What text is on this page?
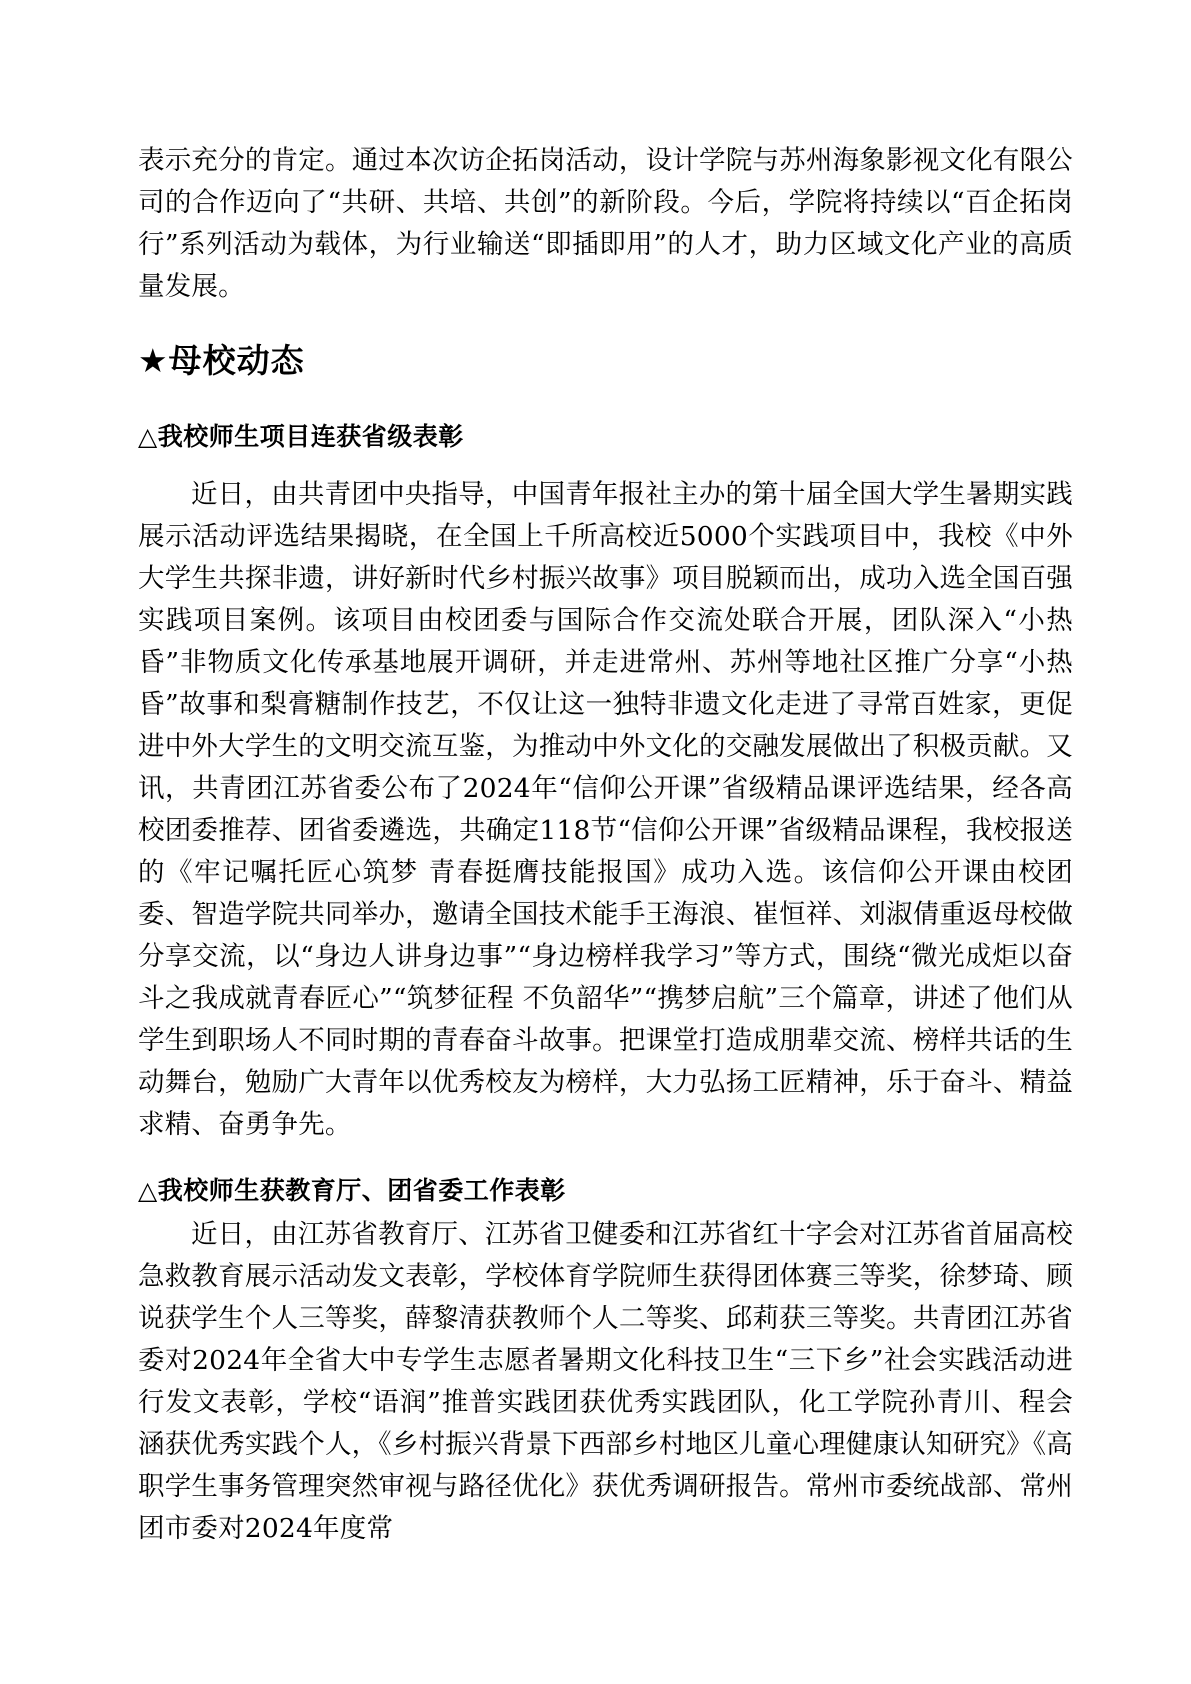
表示充分的肯定。通过本次访企拓岗活动，设计学院与苏州海象影视文化有限公司的合作迈向了“共研、共培、共创”的新阶段。今后，学院将持续以“百企拓岗行”系列活动为载体，为行业输送“即插即用”的人才，助力区域文化产业的高质量发展。

★母校动态
△我校师生项目连获省级表彰

近日，由共青团中央指导，中国青年报社主办的第十届全国大学生暑期实践展示活动评选结果揭晓，在全国上千所高校近5000个实践项目中，我校《中外大学生共探非遗，讲好新时代乡村振兴故事》项目脱颖而出，成功入选全国百强实践项目案例。该项目由校团委与国际合作交流处联合开展，团队深入“小热昏”非物质文化传承基地展开调研，并走进常州、苏州等地社区推广分享“小热昏”故事和梨膏糖制作技艺，不仅让这一独特非遗文化走进了寻常百姓家，更促进中外大学生的文明交流互鉴，为推动中外文化的交融发展做出了积极贡献。又讯，共青团江苏省委公布了2024年“信仰公开课”省级精品课评选结果，经各高校团委推荐、团省委遴选，共确定118节“信仰公开课”省级精品课程，我校报送的《牢记嘱托匠心筑梦 青春挺膺技能报国》成功入选。该信仰公开课由校团委、智造学院共同举办，邀请全国技术能手王海浪、崔恒祥、刘淑倩重返母校做分享交流，以“身边人讲身边事”“身边榜样我学习”等方式，围绕“微光成炬以奋斗之我成就青春匠心”“筑梦征程 不负韶华”“携梦启航”三个篇章，讲述了他们从学生到职场人不同时期的青春奋斗故事。把课堂打造成朋辈交流、榜样共话的生动舞台，勉励广大青年以优秀校友为榜样，大力弘扬工匠精神，乐于奋斗、精益求精、奋勇争先。

△我校师生获教育厅、团省委工作表彰

近日，由江苏省教育厅、江苏省卫健委和江苏省红十字会对江苏省首届高校急救教育展示活动发文表彰，学校体育学院师生获得团体赛三等奖，徐梦琦、顾说获学生个人三等奖，薛黎清获教师个人二等奖、邱莉获三等奖。共青团江苏省委对2024年全省大中专学生志愿者暑期文化科技卫生“三下乡”社会实践活动进行发文表彰，学校“语润”推普实践团获优秀实践团队，化工学院孙青川、程会涵获优秀实践个人，《乡村振兴背景下西部乡村地区儿童心理健康认知研究》《高职学生事务管理突然审视与路径优化》获优秀调研报告。常州市委统战部、常州团市委对2024年度常
